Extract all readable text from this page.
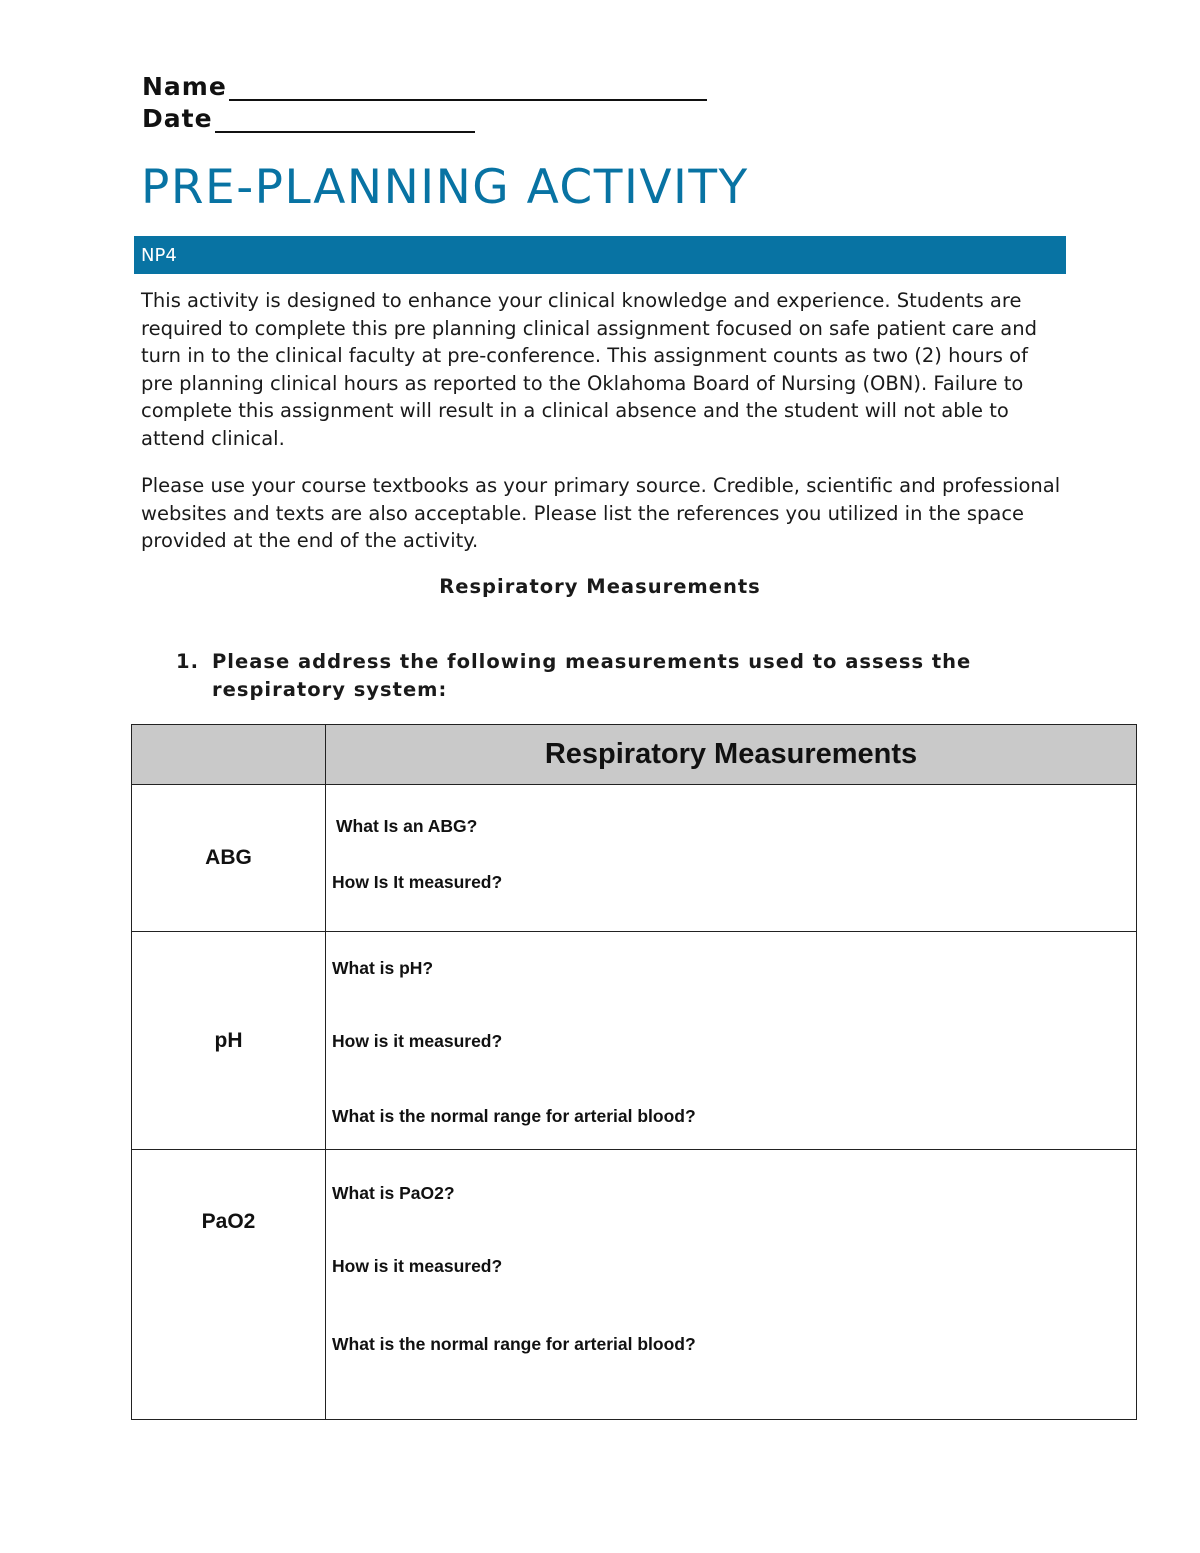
Name
Date
PRE-PLANNING ACTIVITY
NP4

This activity is designed to enhance your clinical knowledge and experience. Students are required to complete this pre planning clinical assignment focused on safe patient care and turn in to the clinical faculty at pre-conference. This assignment counts as two (2) hours of pre planning clinical hours as reported to the Oklahoma Board of Nursing (OBN). Failure to complete this assignment will result in a clinical absence and the student will not able to attend clinical.

Please use your course textbooks as your primary source. Credible, scientific and professional websites and texts are also acceptable. Please list the references you utilized in the space provided at the end of the activity.

Respiratory Measurements
1. Please address the following measurements used to assess the respiratory system:
	Respiratory Measurements
ABG	What Is an ABG?
How Is It measured?

pH	What is pH?
How is it measured?
What is the normal range for arterial blood?

PaO2	What is PaO2?
How is it measured?
What is the normal range for arterial blood?
